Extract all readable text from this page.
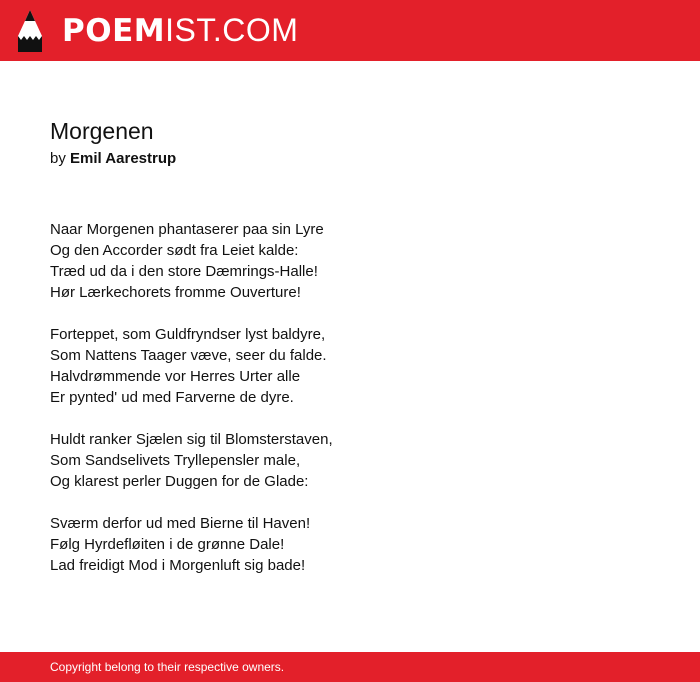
POEMIST.COM
Morgenen

by Emil Aarestrup

Naar Morgenen phantaserer paa sin Lyre
Og den Accorder sødt fra Leiet kalde:
Træd ud da i den store Dæmrings-Halle!
Hør Lærkechorets fromme Ouverture!
Forteppet, som Guldfryndser lyst baldyre,
Som Nattens Taager væve, seer du falde.
Halvdrømmende vor Herres Urter alle
Er pynted' ud med Farverne de dyre.
Huldt ranker Sjælen sig til Blomsterstaven,
Som Sandselivets Tryllepensler male,
Og klarest perler Duggen for de Glade:
Sværm derfor ud med Bierne til Haven!
Følg Hyrdefløiten i de grønne Dale!
Lad freidigt Mod i Morgenluft sig bade!
Copyright belong to their respective owners.
